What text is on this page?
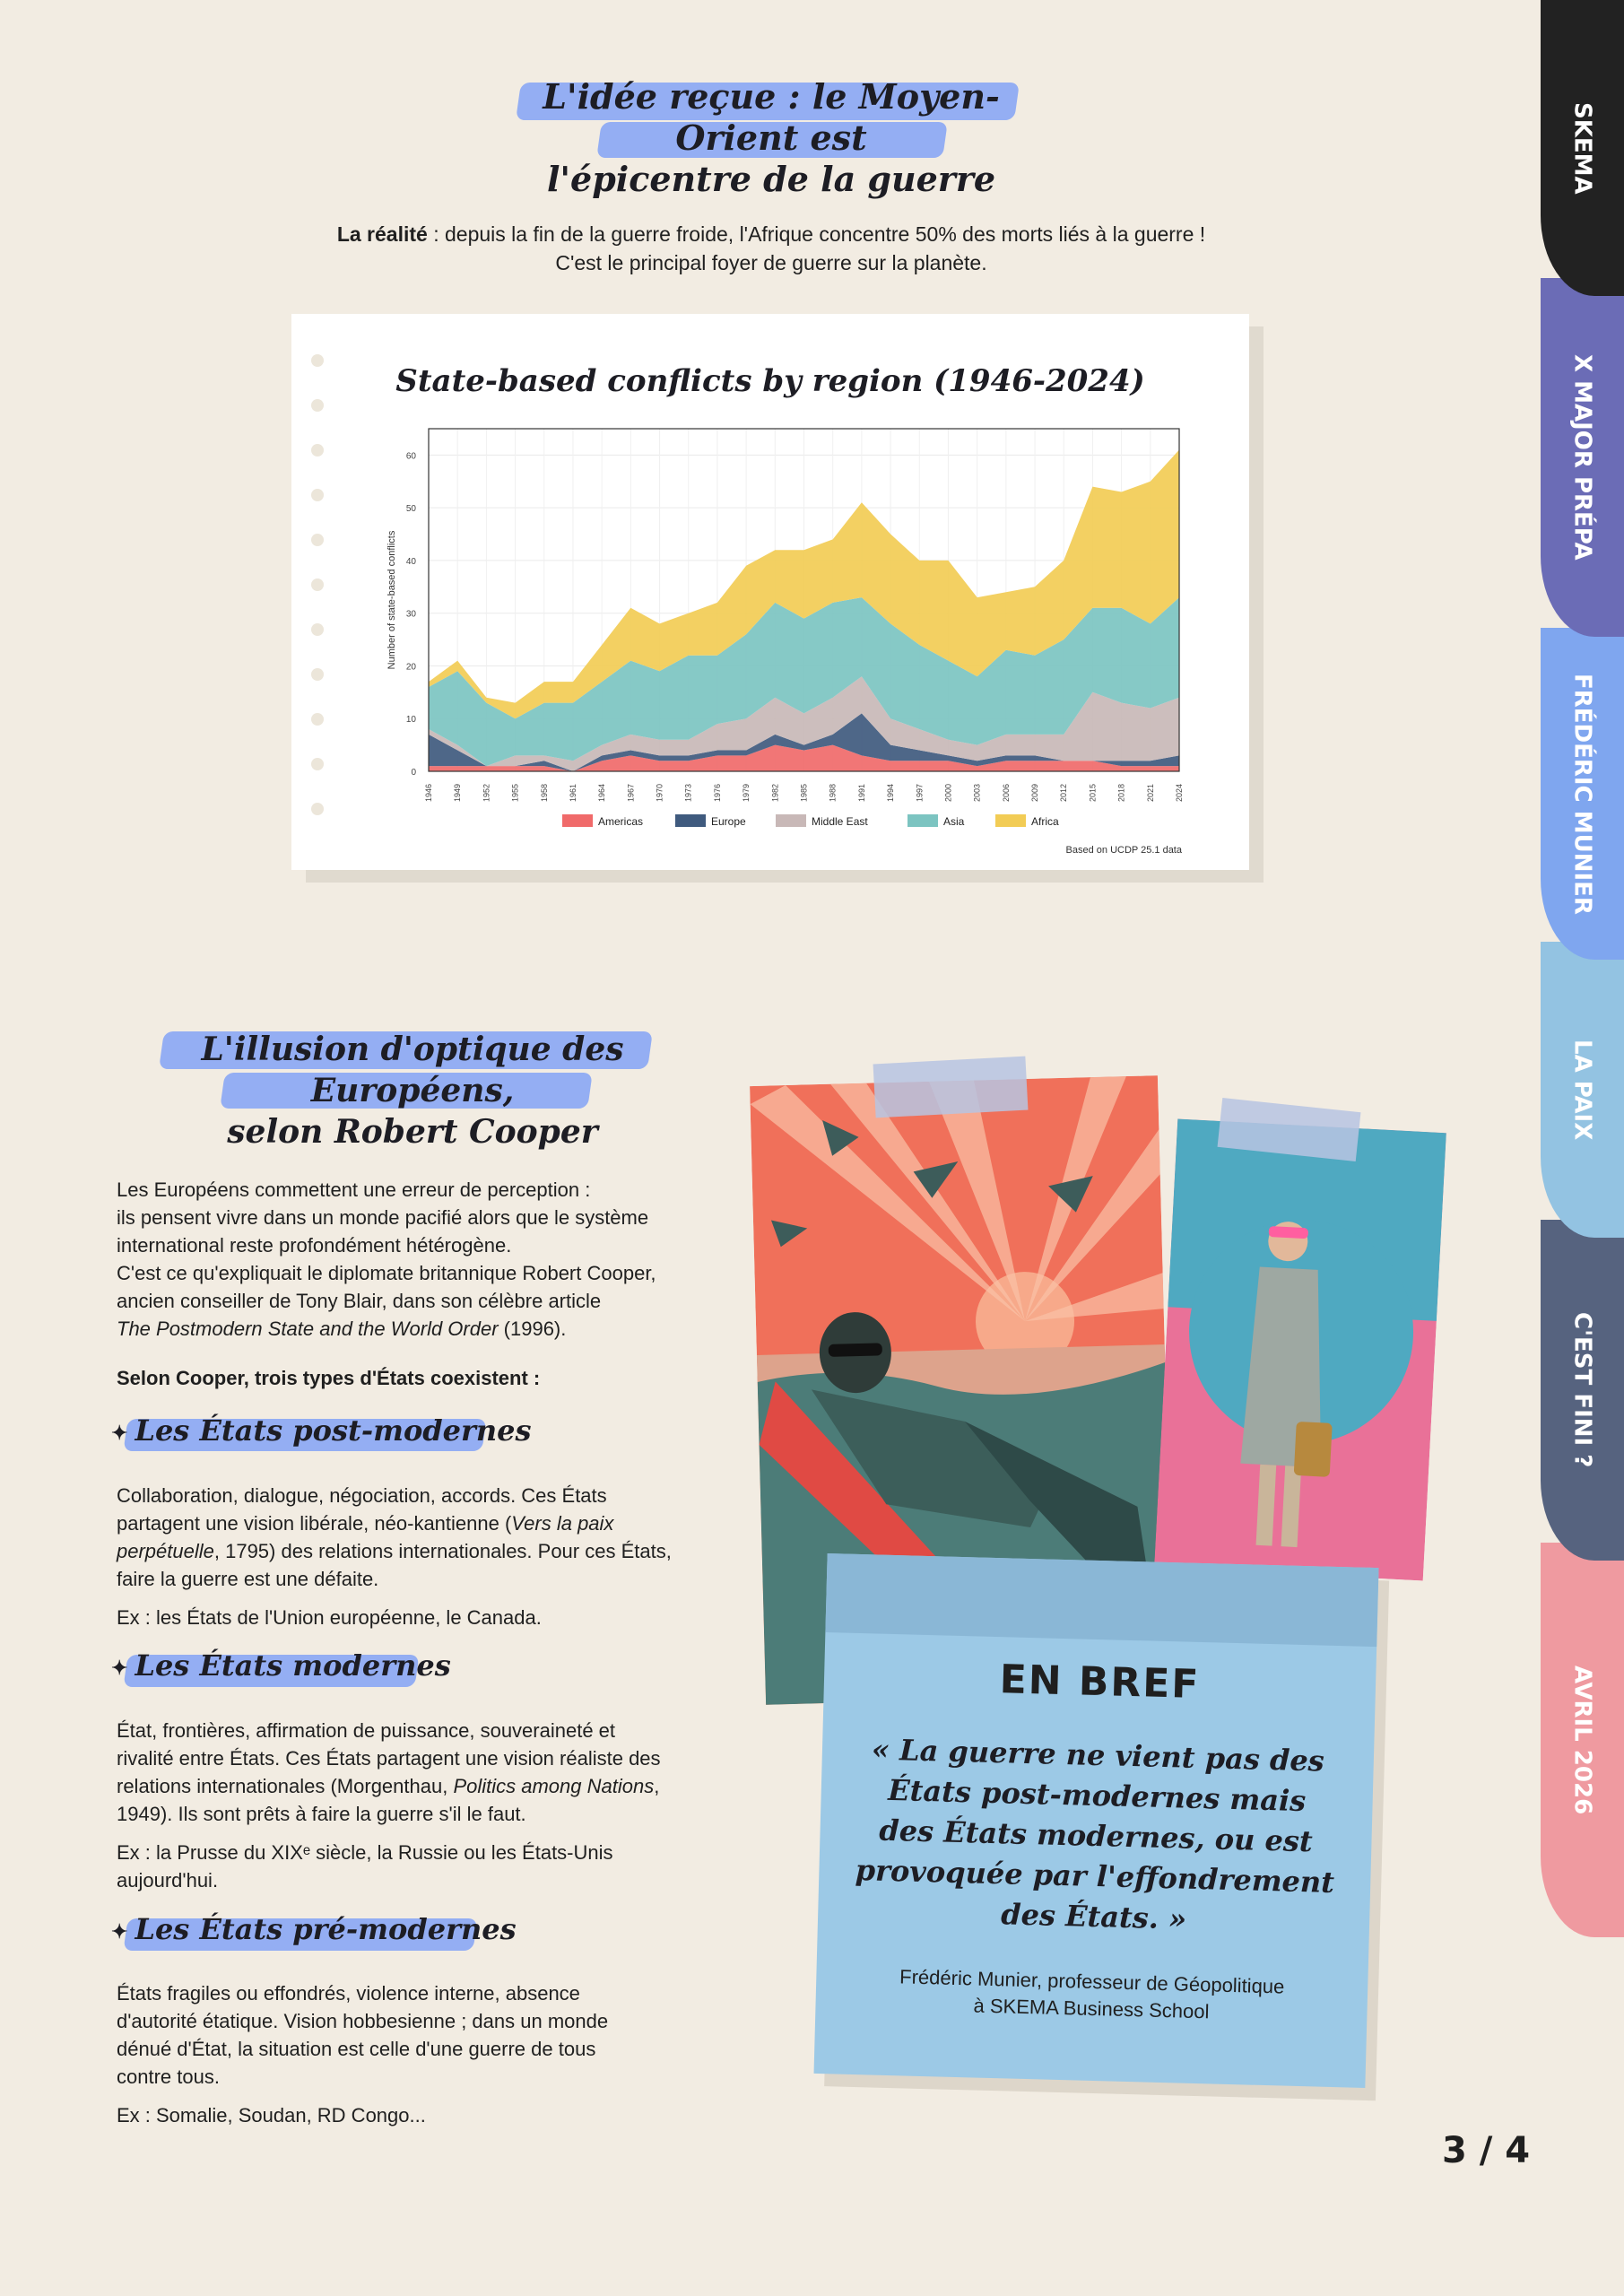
L'idée reçue : le Moyen-Orient est
l'épicentre de la guerre
La réalité : depuis la fin de la guerre froide, l'Afrique concentre 50% des morts liés à la guerre !
C'est le principal foyer de guerre sur la planète.
0
10
20
30
40
50
60
1946 1949 1952 1955 1958 1961 1964 1967 1970 1973 1976 1979 1982 1985 1988 1991 1994 1997 2000 2003 2006 2009 2012 2015 2018 2021 2024
Number of state-based conflicts
Americas	Europe	Middle East	Asia	Africa
State-based conflicts by region (1946-2024)
Based on UCDP 25.1 data
L'illusion d'optique des Européens,
selon Robert Cooper

Les Européens commettent une erreur de perception :

ils pensent vivre dans un monde pacifié alors que le système

international reste profondément hétérogène.

C'est ce qu'expliquait le diplomate britannique Robert Cooper,

ancien conseiller de Tony Blair, dans son célèbre article

The Postmodern State and the World Order (1996).

Selon Cooper, trois types d'États coexistent :

✦ Les États post-modernes

Collaboration, dialogue, négociation, accords. Ces États

partagent une vision libérale, néo-kantienne (Vers la paix

perpétuelle, 1795) des relations internationales. Pour ces États,

faire la guerre est une défaite.

Ex : les États de l'Union européenne, le Canada.

✦ Les États modernes

État, frontières, affirmation de puissance, souveraineté et

rivalité entre États. Ces États partagent une vision réaliste des

relations internationales (Morgenthau, Politics among Nations,

1949). Ils sont prêts à faire la guerre s'il le faut.

Ex : la Prusse du XIXᵉ siècle, la Russie ou les États-Unis

aujourd'hui.

✦ Les États pré-modernes

États fragiles ou effondrés, violence interne, absence

d'autorité étatique. Vision hobbesienne ; dans un monde

dénué d'État, la situation est celle d'une guerre de tous

contre tous.

Ex : Somalie, Soudan, RD Congo...

EN BREF
« La guerre ne vient pas des États post-modernes mais des États modernes, ou est provoquée par l'effondrement des États. »
Frédéric Munier, professeur de Géopolitique
à SKEMA Business School
SKEMA
X MAJOR PRÉPA
FRÉDÉRIC MUNIER
LA PAIX
C'EST FINI ?
AVRIL 2026
3 / 4
